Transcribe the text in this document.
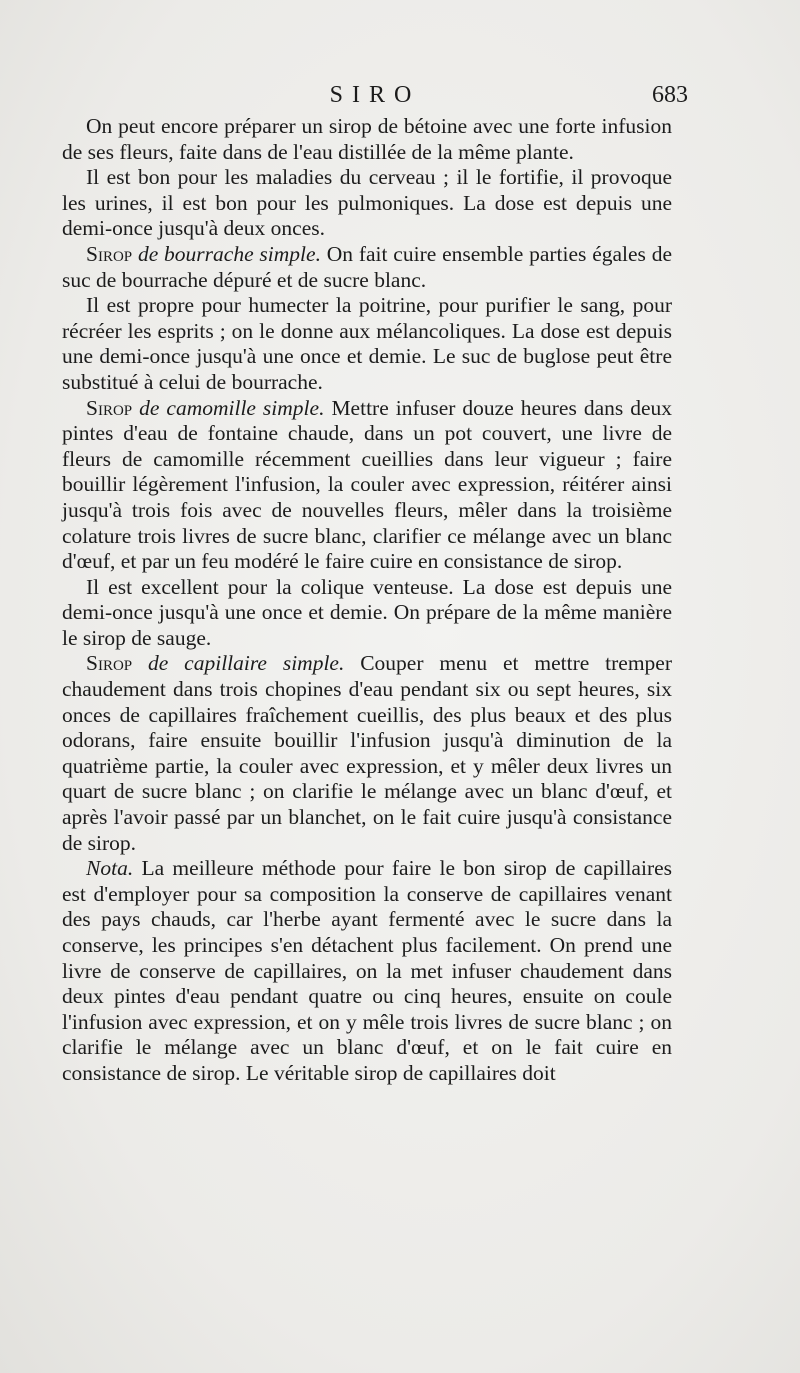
SIRO	683

On peut encore préparer un sirop de bétoine avec une forte infusion de ses fleurs, faite dans de l'eau distillée de la même plante.

Il est bon pour les maladies du cerveau ; il le fortifie, il provoque les urines, il est bon pour les pulmoniques. La dose est depuis une demi-once jusqu'à deux onces.

Sirop de bourrache simple. On fait cuire ensemble parties égales de suc de bourrache dépuré et de sucre blanc.

Il est propre pour humecter la poitrine, pour purifier le sang, pour récréer les esprits ; on le donne aux mélancoliques. La dose est depuis une demi-once jusqu'à une once et demie. Le suc de buglose peut être substitué à celui de bourrache.

Sirop de camomille simple. Mettre infuser douze heures dans deux pintes d'eau de fontaine chaude, dans un pot couvert, une livre de fleurs de camomille récemment cueillies dans leur vigueur ; faire bouillir légèrement l'infusion, la couler avec expression, réitérer ainsi jusqu'à trois fois avec de nouvelles fleurs, mêler dans la troisième colature trois livres de sucre blanc, clarifier ce mélange avec un blanc d'œuf, et par un feu modéré le faire cuire en consistance de sirop.

Il est excellent pour la colique venteuse. La dose est depuis une demi-once jusqu'à une once et demie. On prépare de la même manière le sirop de sauge.

Sirop de capillaire simple. Couper menu et mettre tremper chaudement dans trois chopines d'eau pendant six ou sept heures, six onces de capillaires fraîchement cueillis, des plus beaux et des plus odorans, faire ensuite bouillir l'infusion jusqu'à diminution de la quatrième partie, la couler avec expression, et y mêler deux livres un quart de sucre blanc ; on clarifie le mélange avec un blanc d'œuf, et après l'avoir passé par un blanchet, on le fait cuire jusqu'à consistance de sirop.

Nota. La meilleure méthode pour faire le bon sirop de capillaires est d'employer pour sa composition la conserve de capillaires venant des pays chauds, car l'herbe ayant fermenté avec le sucre dans la conserve, les principes s'en détachent plus facilement. On prend une livre de conserve de capillaires, on la met infuser chaudement dans deux pintes d'eau pendant quatre ou cinq heures, ensuite on coule l'infusion avec expression, et on y mêle trois livres de sucre blanc ; on clarifie le mélange avec un blanc d'œuf, et on le fait cuire en consistance de sirop. Le véritable sirop de capillaires doit
